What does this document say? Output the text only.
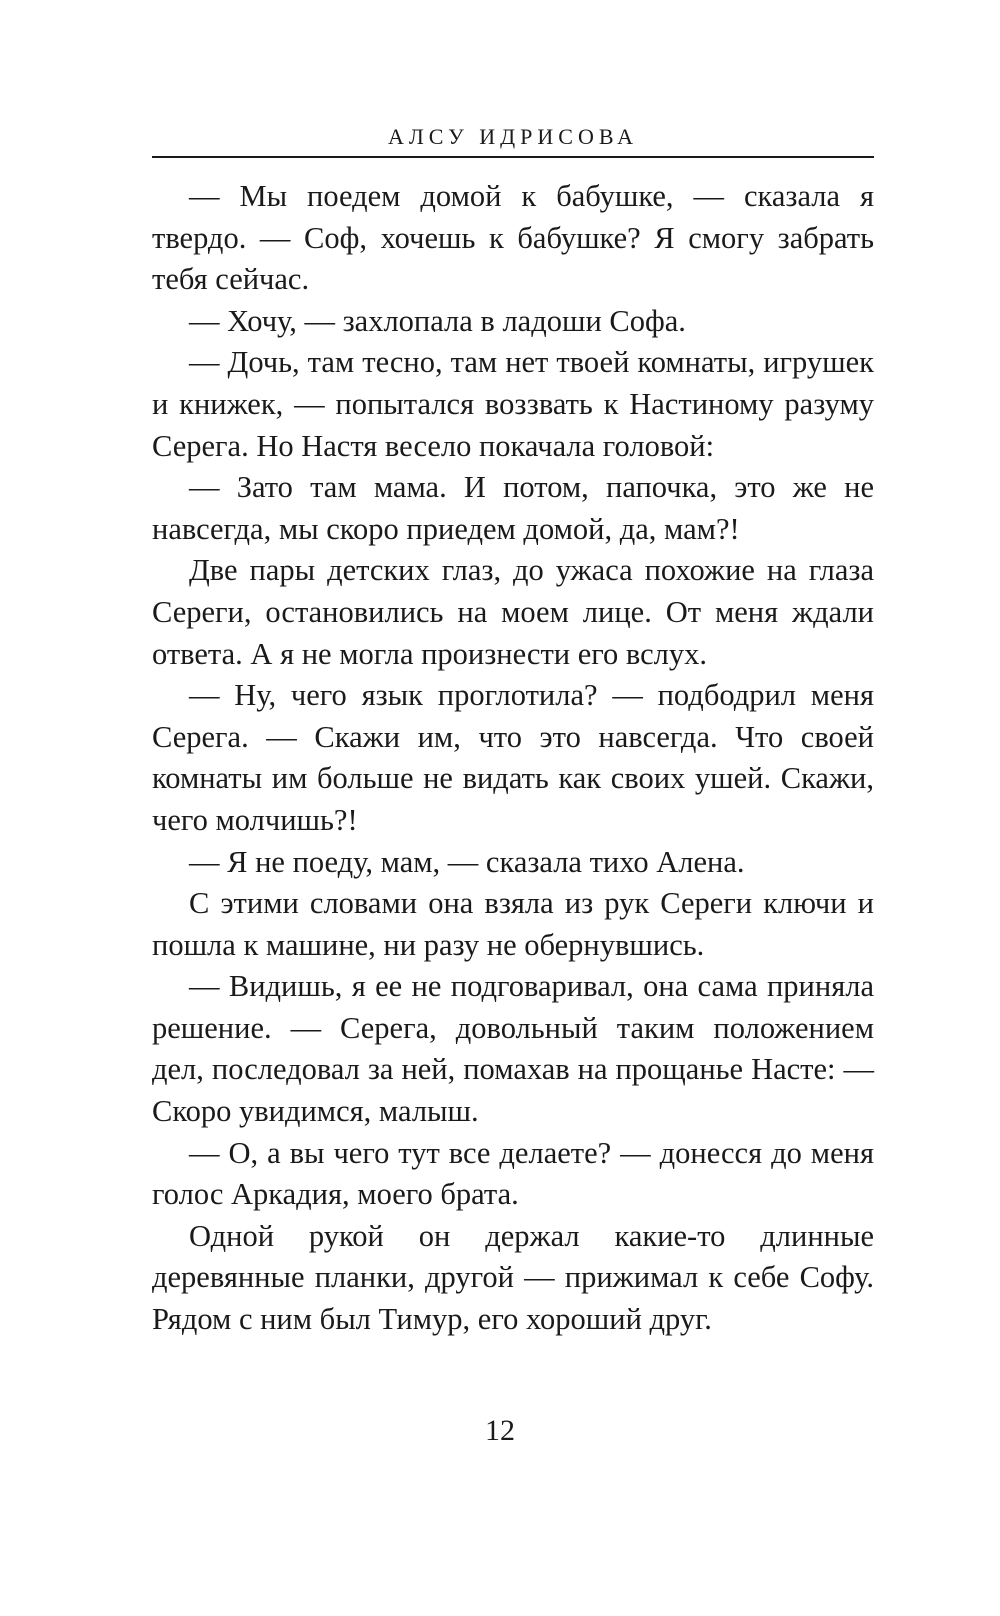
АЛСУ ИДРИСОВА

— Мы поедем домой к бабушке, — сказала я твердо. — Соф, хочешь к бабушке? Я смогу забрать тебя сейчас.

— Хочу, — захлопала в ладоши Софа.

— Дочь, там тесно, там нет твоей комнаты, игрушек и книжек, — попытался воззвать к Настиному разуму Серега. Но Настя весело покачала головой:

— Зато там мама. И потом, папочка, это же не навсегда, мы скоро приедем домой, да, мам?!

Две пары детских глаз, до ужаса похожие на глаза Сереги, остановились на моем лице. От меня ждали ответа. А я не могла произнести его вслух.

— Ну, чего язык проглотила? — подбодрил меня Серега. — Скажи им, что это навсегда. Что своей комнаты им больше не видать как своих ушей. Скажи, чего молчишь?!

— Я не поеду, мам, — сказала тихо Алена.

С этими словами она взяла из рук Сереги ключи и пошла к машине, ни разу не обернувшись.

— Видишь, я ее не подговаривал, она сама приняла решение. — Серега, довольный таким положением дел, последовал за ней, помахав на прощанье Насте: — Скоро увидимся, малыш.

— О, а вы чего тут все делаете? — донесся до меня голос Аркадия, моего брата.

Одной рукой он держал какие-то длинные деревянные планки, другой — прижимал к себе Софу. Рядом с ним был Тимур, его хороший друг.

12
